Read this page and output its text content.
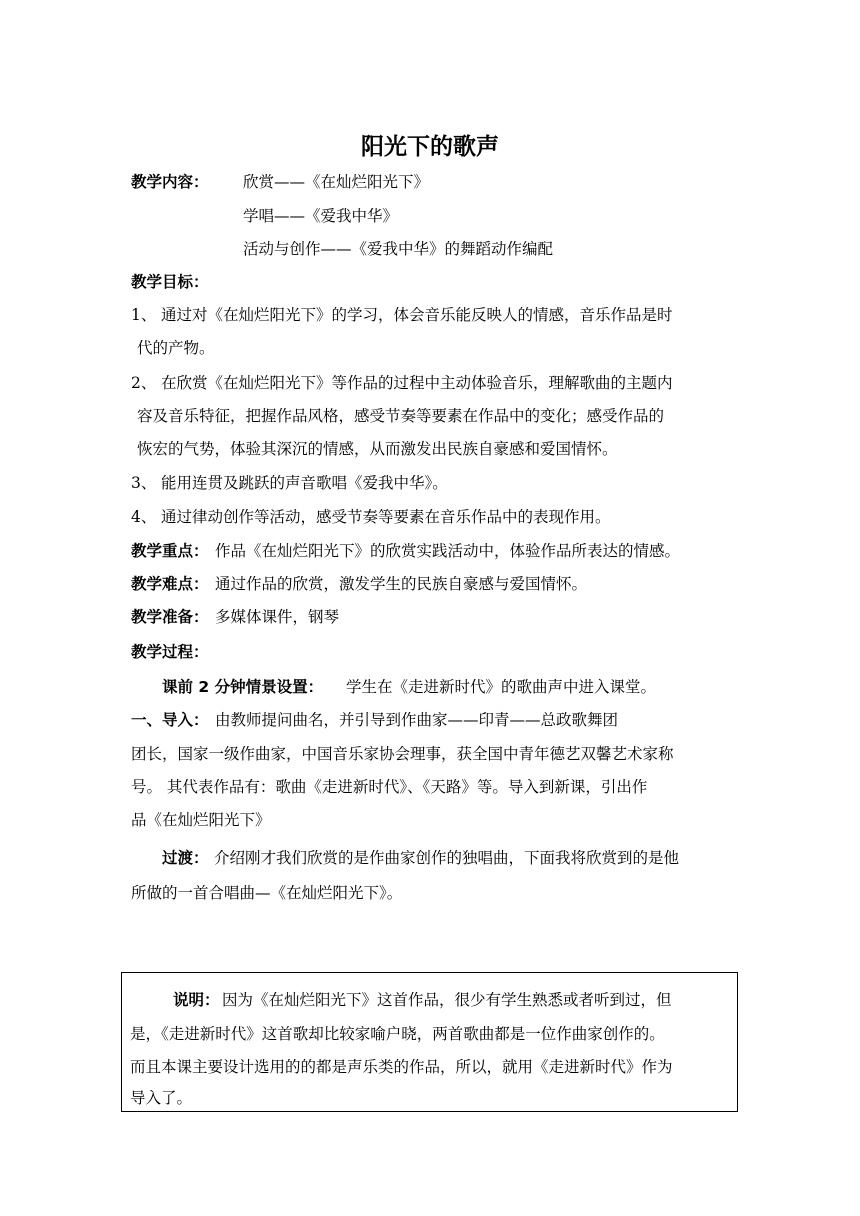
阳光下的歌声
教学内容： 欣赏——《在灿烂阳光下》
学唱——《爱我中华》
活动与创作——《爱我中华》的舞蹈动作编配
教学目标：
1、 通过对《在灿烂阳光下》的学习，体会音乐能反映人的情感，音乐作品是时
代的产物。
2、 在欣赏《在灿烂阳光下》等作品的过程中主动体验音乐，理解歌曲的主题内
容及音乐特征，把握作品风格，感受节奏等要素在作品中的变化；感受作品的
恢宏的气势，体验其深沉的情感，从而激发出民族自豪感和爱国情怀。
3、 能用连贯及跳跃的声音歌唱《爱我中华》。
4、 通过律动创作等活动，感受节奏等要素在音乐作品中的表现作用。
教学重点： 作品《在灿烂阳光下》的欣赏实践活动中，体验作品所表达的情感。
教学难点： 通过作品的欣赏，激发学生的民族自豪感与爱国情怀。
教学准备： 多媒体课件，钢琴
教学过程：
课前 2 分钟情景设置： 学生在《走进新时代》的歌曲声中进入课堂。
一、导入： 由教师提问曲名，并引导到作曲家——印青——总政歌舞团
团长，国家一级作曲家，中国音乐家协会理事，获全国中青年德艺双馨艺术家称
号。 其代表作品有：歌曲《走进新时代》、《天路》等。导入到新课，引出作
品《在灿烂阳光下》
过渡： 介绍刚才我们欣赏的是作曲家创作的独唱曲，下面我将欣赏到的是他
所做的一首合唱曲—《在灿烂阳光下》。
说明： 因为《在灿烂阳光下》这首作品，很少有学生熟悉或者听到过，但
是，《走进新时代》这首歌却比较家喻户晓，两首歌曲都是一位作曲家创作的。
而且本课主要设计选用的的都是声乐类的作品，所以，就用《走进新时代》作为
导入了。
